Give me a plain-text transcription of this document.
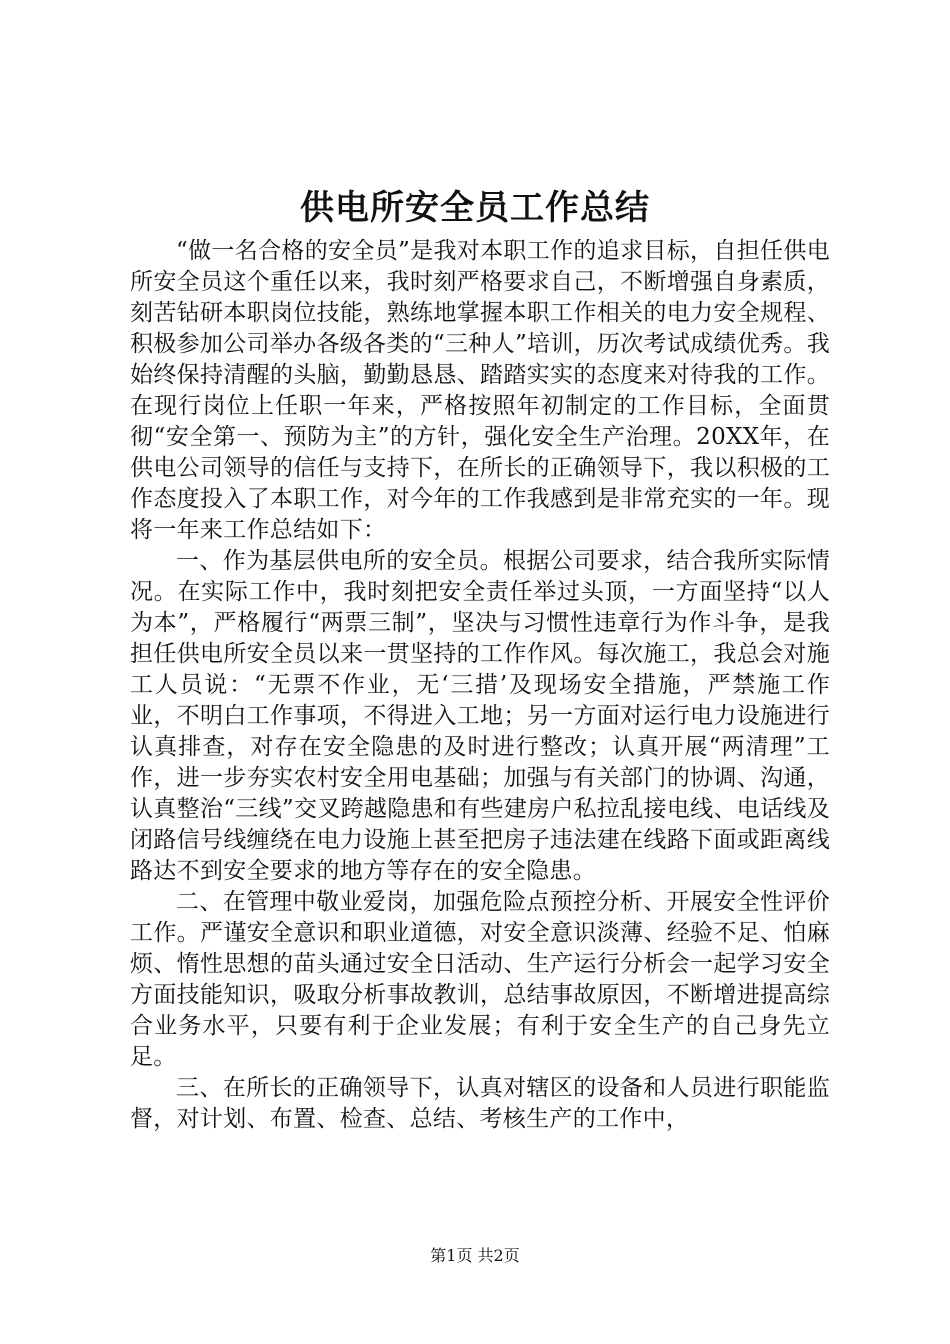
供电所安全员工作总结

“做一名合格的安全员”是我对本职工作的追求目标，自担任供电所安全员这个重任以来，我时刻严格要求自己，不断增强自身素质，刻苦钻研本职岗位技能，熟练地掌握本职工作相关的电力安全规程、积极参加公司举办各级各类的“三种人”培训，历次考试成绩优秀。我始终保持清醒的头脑，勤勤恳恳、踏踏实实的态度来对待我的工作。在现行岗位上任职一年来，严格按照年初制定的工作目标，全面贯彻“安全第一、预防为主”的方针，强化安全生产治理。20XX年，在供电公司领导的信任与支持下，在所长的正确领导下，我以积极的工作态度投入了本职工作，对今年的工作我感到是非常充实的一年。现将一年来工作总结如下：

一、作为基层供电所的安全员。根据公司要求，结合我所实际情况。在实际工作中，我时刻把安全责任举过头顶，一方面坚持“以人为本”，严格履行“两票三制”，坚决与习惯性违章行为作斗争，是我担任供电所安全员以来一贯坚持的工作作风。每次施工，我总会对施工人员说：“无票不作业，无‘三措’及现场安全措施，严禁施工作业，不明白工作事项，不得进入工地；另一方面对运行电力设施进行认真排查，对存在安全隐患的及时进行整改；认真开展“两清理”工作，进一步夯实农村安全用电基础；加强与有关部门的协调、沟通，认真整治“三线”交叉跨越隐患和有些建房户私拉乱接电线、电话线及闭路信号线缠绕在电力设施上甚至把房子违法建在线路下面或距离线路达不到安全要求的地方等存在的安全隐患。

二、在管理中敬业爱岗，加强危险点预控分析、开展安全性评价工作。严谨安全意识和职业道德，对安全意识淡薄、经验不足、怕麻烦、惰性思想的苗头通过安全日活动、生产运行分析会一起学习安全方面技能知识，吸取分析事故教训，总结事故原因，不断增进提高综合业务水平，只要有利于企业发展；有利于安全生产的自己身先立足。

三、在所长的正确领导下，认真对辖区的设备和人员进行职能监督，对计划、布置、检查、总结、考核生产的工作中，

第1页 共2页
